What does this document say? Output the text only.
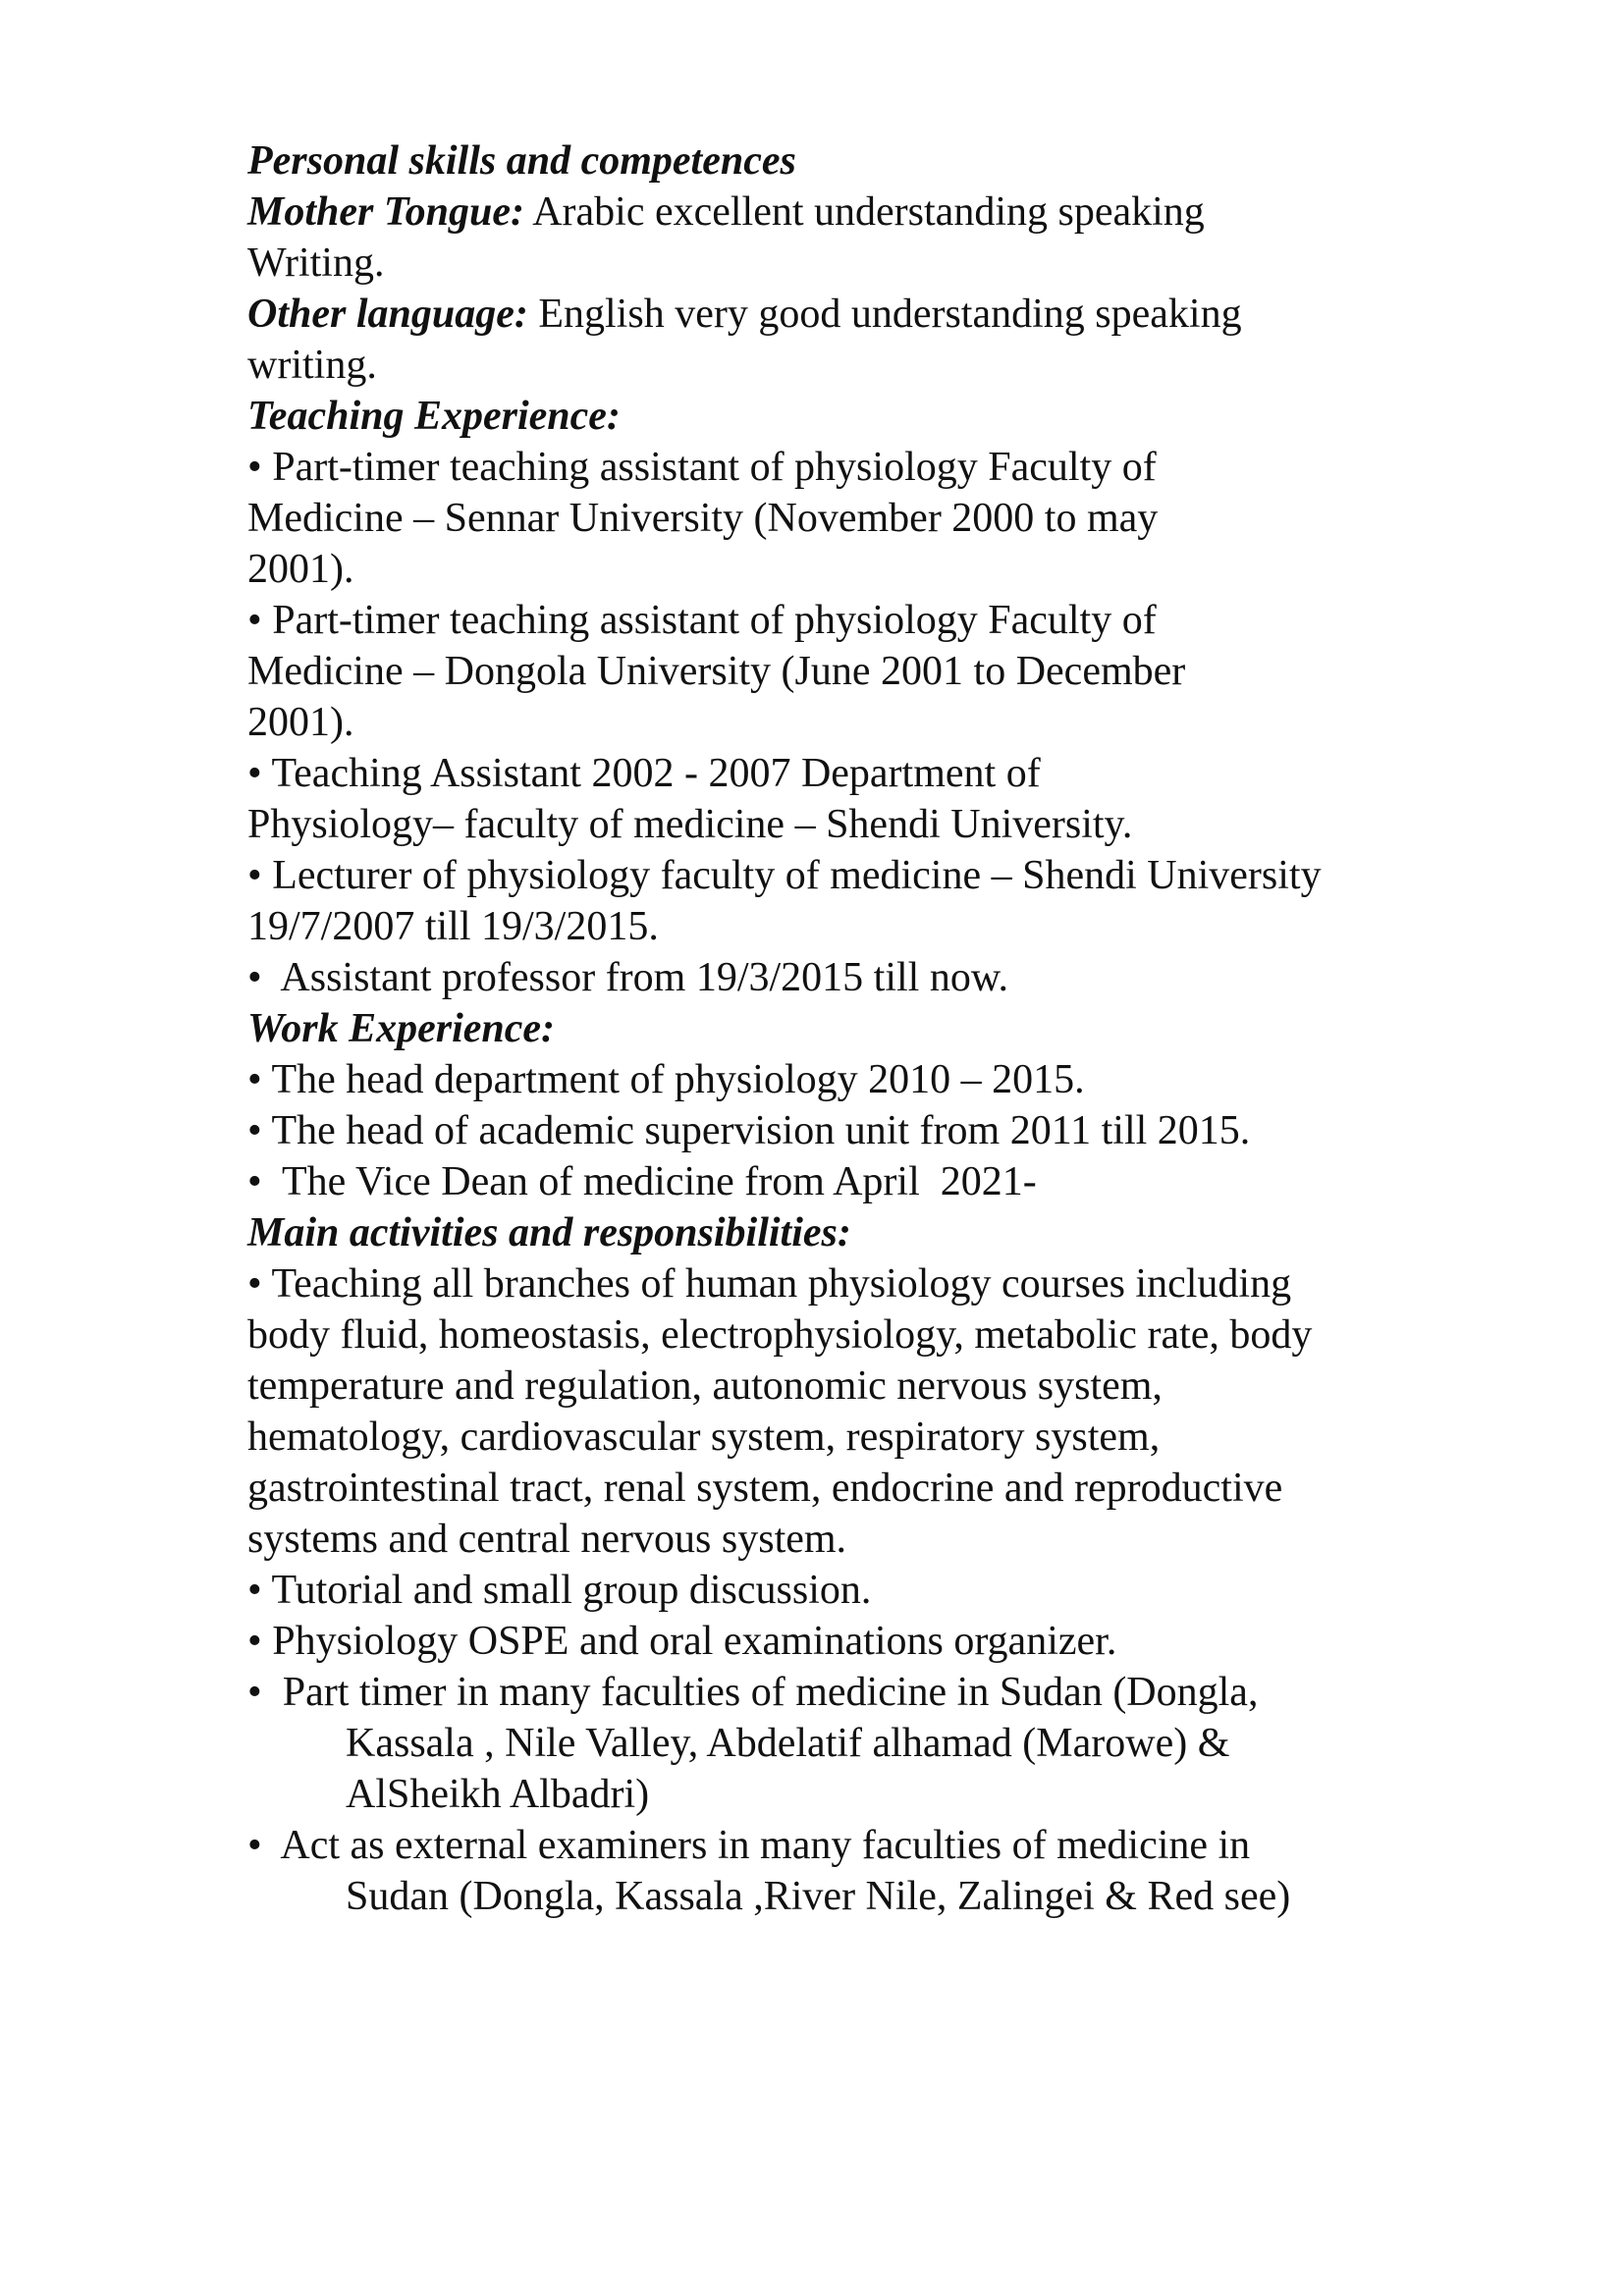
Personal skills and competences
Mother Tongue: Arabic excellent understanding speaking
Writing.
Other language: English very good understanding speaking
writing.
Teaching Experience:
• Part-timer teaching assistant of physiology Faculty of
Medicine – Sennar University (November 2000 to may
2001).
• Part-timer teaching assistant of physiology Faculty of
Medicine – Dongola University (June 2001 to December
2001).
• Teaching Assistant 2002 - 2007 Department of
Physiology– faculty of medicine – Shendi University.
• Lecturer of physiology faculty of medicine – Shendi University
19/7/2007 till 19/3/2015.
•  Assistant professor from 19/3/2015 till now.
Work Experience:
• The head department of physiology 2010 – 2015.
• The head of academic supervision unit from 2011 till 2015.
•  The Vice Dean of medicine from April  2021-
Main activities and responsibilities:
• Teaching all branches of human physiology courses including
body fluid, homeostasis, electrophysiology, metabolic rate, body
temperature and regulation, autonomic nervous system,
hematology, cardiovascular system, respiratory system,
gastrointestinal tract, renal system, endocrine and reproductive
systems and central nervous system.
• Tutorial and small group discussion.
• Physiology OSPE and oral examinations organizer.
•  Part timer in many faculties of medicine in Sudan (Dongla,
Kassala , Nile Valley, Abdelatif alhamad (Marowe) &
AlSheikh Albadri)
•  Act as external examiners in many faculties of medicine in
Sudan (Dongla, Kassala ,River Nile, Zalingei & Red see)
